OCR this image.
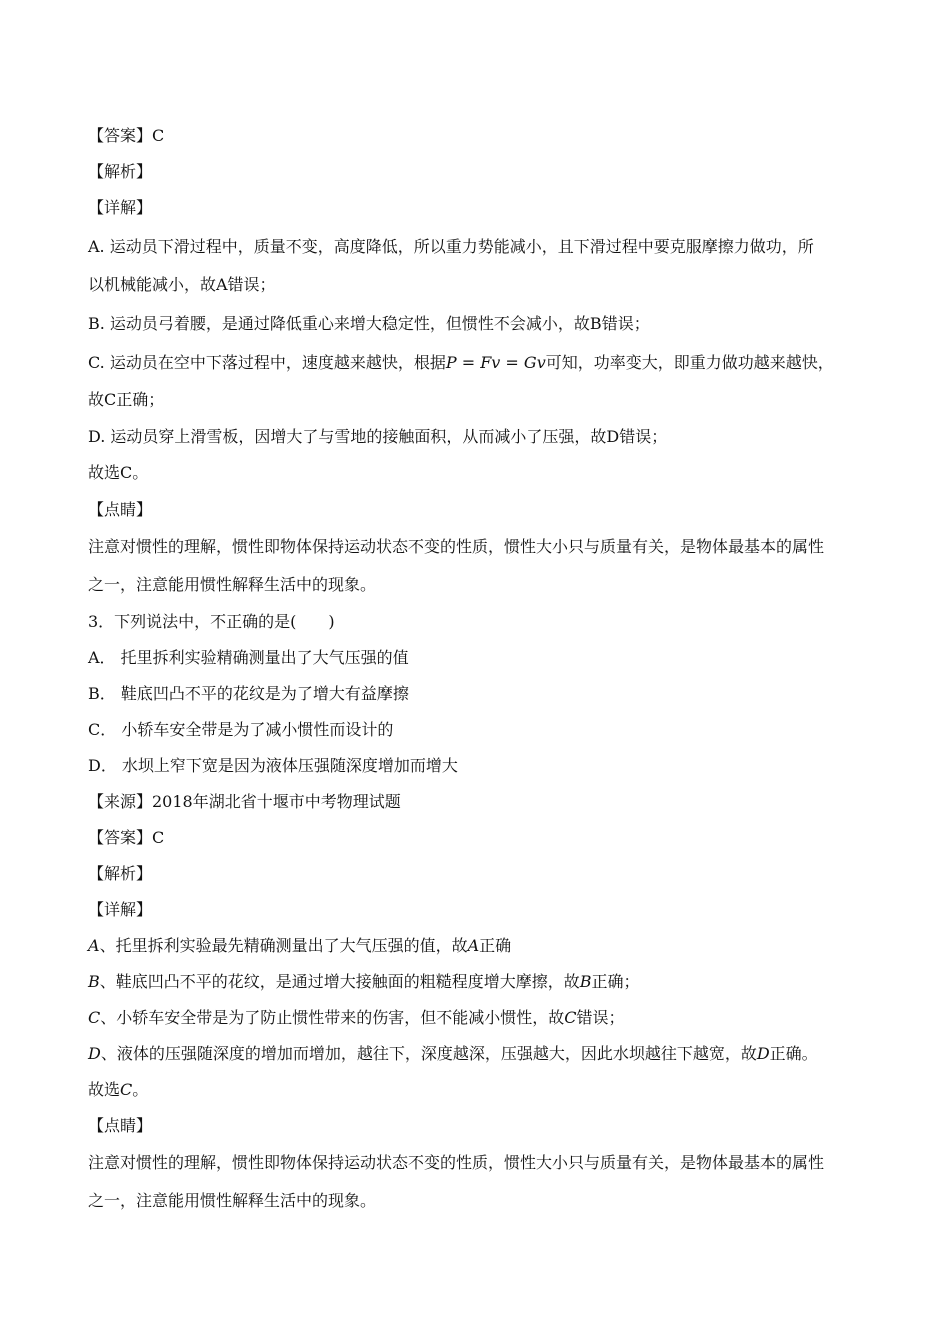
【答案】C
【解析】
【详解】
A. 运动员下滑过程中，质量不变，高度降低，所以重力势能减小，且下滑过程中要克服摩擦力做功，所
以机械能减小，故A错误；
B. 运动员弓着腰，是通过降低重心来增大稳定性，但惯性不会减小，故B错误；
C. 运动员在空中下落过程中，速度越来越快，根据P = Fv = Gv可知，功率变大，即重力做功越来越快，
故C正确；
D. 运动员穿上滑雪板，因增大了与雪地的接触面积，从而减小了压强，故D错误；
故选C。
【点睛】
注意对惯性的理解，惯性即物体保持运动状态不变的性质，惯性大小只与质量有关，是物体最基本的属性
之一，注意能用惯性解释生活中的现象。
3．下列说法中，不正确的是(　　)
A． 托里拆利实验精确测量出了大气压强的值
B． 鞋底凹凸不平的花纹是为了增大有益摩擦
C． 小轿车安全带是为了减小惯性而设计的
D． 水坝上窄下宽是因为液体压强随深度增加而增大
【来源】2018年湖北省十堰市中考物理试题
【答案】C
【解析】
【详解】
A、托里拆利实验最先精确测量出了大气压强的值，故A正确
B、鞋底凹凸不平的花纹，是通过增大接触面的粗糙程度增大摩擦，故B正确；
C、小轿车安全带是为了防止惯性带来的伤害，但不能减小惯性，故C错误；
D、液体的压强随深度的增加而增加，越往下，深度越深，压强越大，因此水坝越往下越宽，故D正确。
故选C。
【点睛】
注意对惯性的理解，惯性即物体保持运动状态不变的性质，惯性大小只与质量有关，是物体最基本的属性
之一，注意能用惯性解释生活中的现象。
